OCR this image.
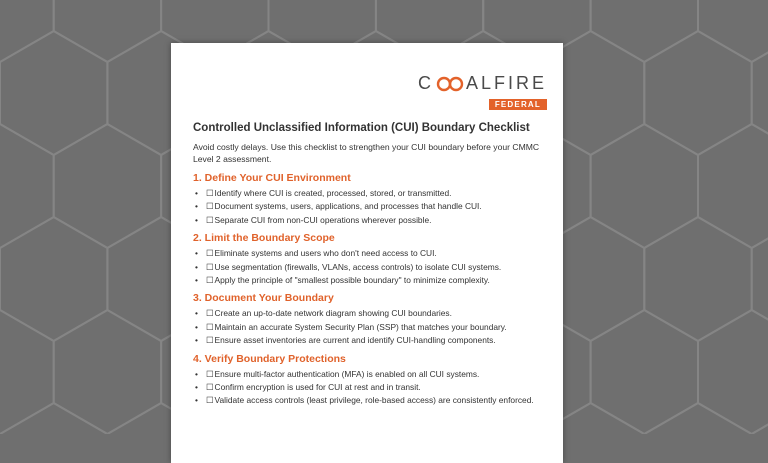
C ALFIRE
FEDERAL
Controlled Unclassified Information (CUI) Boundary Checklist
Avoid costly delays. Use this checklist to strengthen your CUI boundary before your CMMC Level 2 assessment.
1. Define Your CUI Environment
• ☐Identify where CUI is created, processed, stored, or transmitted.
• ☐Document systems, users, applications, and processes that handle CUI.
• ☐Separate CUI from non-CUI operations wherever possible.
2. Limit the Boundary Scope
• ☐Eliminate systems and users who don't need access to CUI.
• ☐Use segmentation (firewalls, VLANs, access controls) to isolate CUI systems.
• ☐Apply the principle of "smallest possible boundary" to minimize complexity.
3. Document Your Boundary
• ☐Create an up-to-date network diagram showing CUI boundaries.
• ☐Maintain an accurate System Security Plan (SSP) that matches your boundary.
• ☐Ensure asset inventories are current and identify CUI-handling components.
4. Verify Boundary Protections
• ☐Ensure multi-factor authentication (MFA) is enabled on all CUI systems.
• ☐Confirm encryption is used for CUI at rest and in transit.
• ☐Validate access controls (least privilege, role-based access) are consistently enforced.
